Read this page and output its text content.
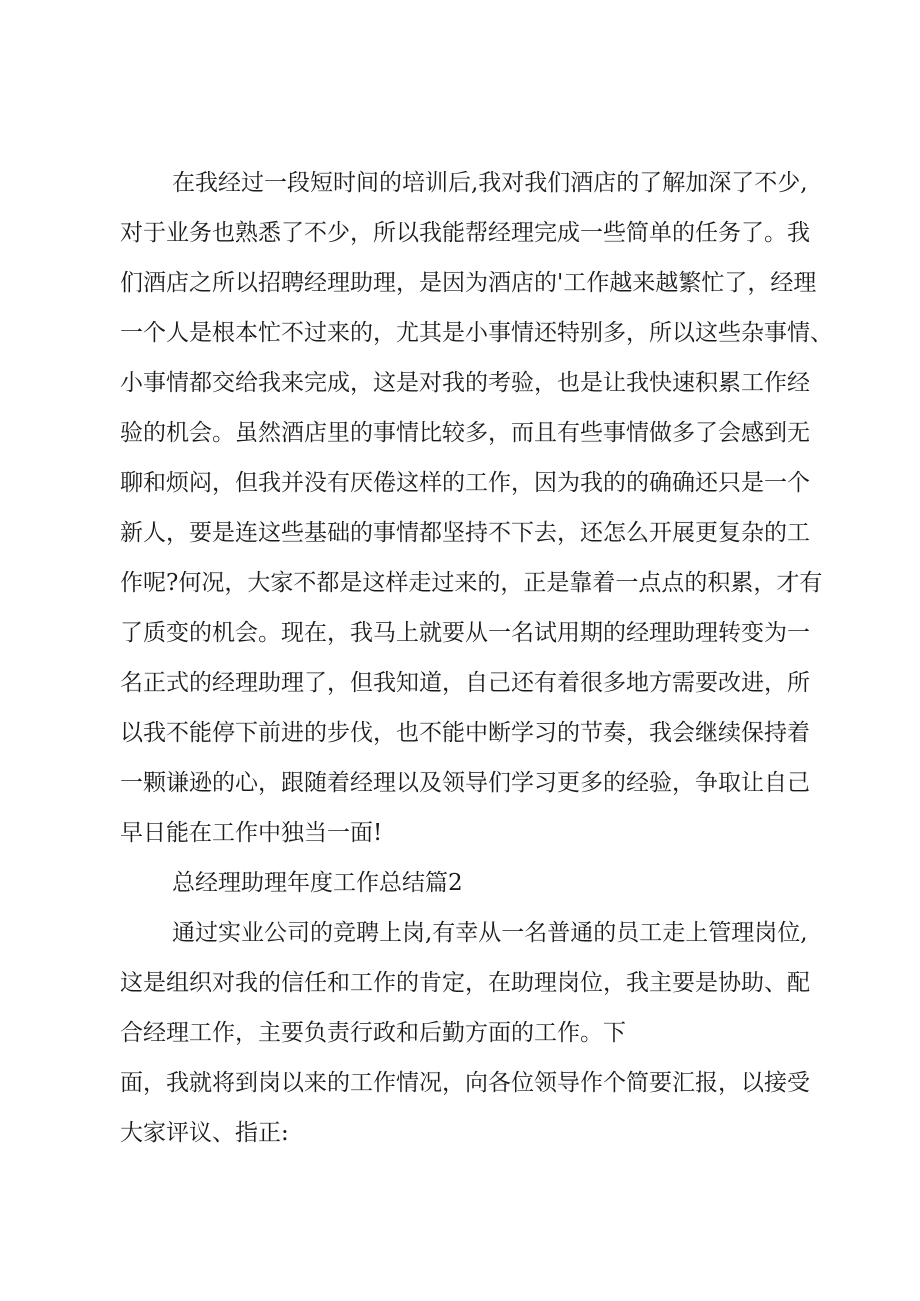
在我经过一段短时间的培训后,我对我们酒店的了解加深了不少,
对于业务也熟悉了不少，所以我能帮经理完成一些简单的任务了。我
们酒店之所以招聘经理助理，是因为酒店的'工作越来越繁忙了，经理
一个人是根本忙不过来的，尤其是小事情还特别多，所以这些杂事情、
小事情都交给我来完成，这是对我的考验，也是让我快速积累工作经
验的机会。虽然酒店里的事情比较多，而且有些事情做多了会感到无
聊和烦闷，但我并没有厌倦这样的工作，因为我的的确确还只是一个
新人，要是连这些基础的事情都坚持不下去，还怎么开展更复杂的工
作呢?何况，大家不都是这样走过来的，正是靠着一点点的积累，才有
了质变的机会。现在，我马上就要从一名试用期的经理助理转变为一
名正式的经理助理了，但我知道，自己还有着很多地方需要改进，所
以我不能停下前进的步伐，也不能中断学习的节奏，我会继续保持着
一颗谦逊的心，跟随着经理以及领导们学习更多的经验，争取让自己
早日能在工作中独当一面!
总经理助理年度工作总结篇2
通过实业公司的竞聘上岗,有幸从一名普通的员工走上管理岗位,
这是组织对我的信任和工作的肯定，在助理岗位，我主要是协助、配
合经理工作，主要负责行政和后勤方面的工作。下
面，我就将到岗以来的工作情况，向各位领导作个简要汇报，以接受
大家评议、指正:
